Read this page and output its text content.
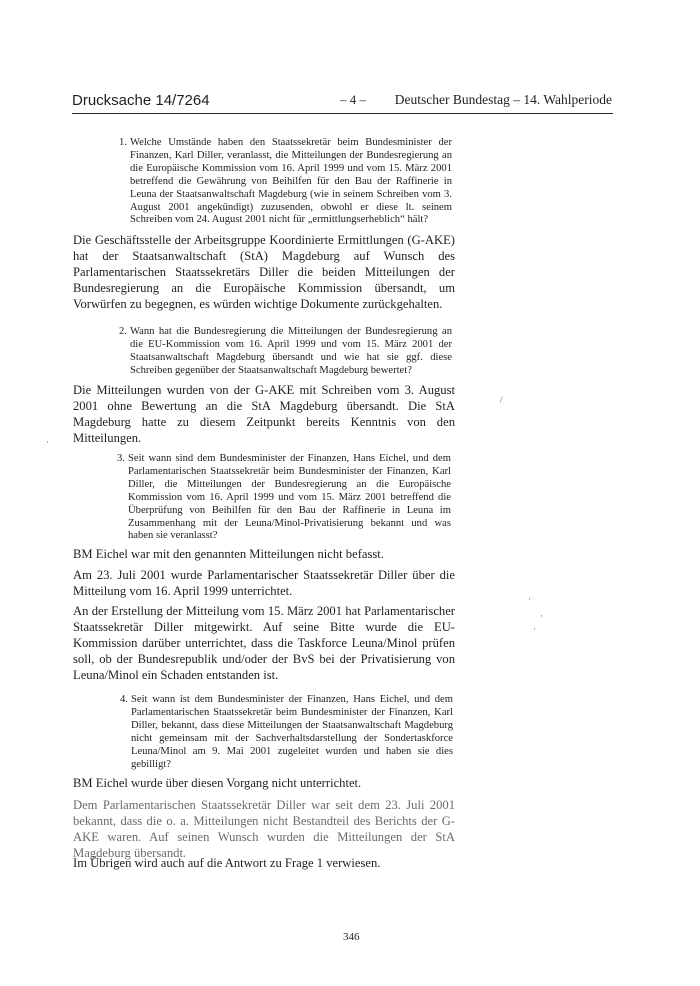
Drucksache 14/7264	– 4 – Deutscher Bundestag – 14. Wahlperiode
1. Welche Umstände haben den Staatssekretär beim Bundesminister der Finanzen, Karl Diller, veranlasst, die Mitteilungen der Bundesregierung an die Europäische Kommission vom 16. April 1999 und vom 15. März 2001 betreffend die Gewährung von Beihilfen für den Bau der Raffinerie in Leuna der Staatsanwaltschaft Magdeburg (wie in seinem Schreiben vom 3. August 2001 angekündigt) zuzusenden, obwohl er diese lt. seinem Schreiben vom 24. August 2001 nicht für „ermittlungserheblich“ hält?
Die Geschäftsstelle der Arbeitsgruppe Koordinierte Ermittlungen (G-AKE) hat der Staatsanwaltschaft (StA) Magdeburg auf Wunsch des Parlamentarischen Staatssekretärs Diller die beiden Mitteilungen der Bundesregierung an die Europäische Kommission übersandt, um Vorwürfen zu begegnen, es würden wichtige Dokumente zurückgehalten.
2. Wann hat die Bundesregierung die Mitteilungen der Bundesregierung an die EU-Kommission vom 16. April 1999 und vom 15. März 2001 der Staatsanwaltschaft Magdeburg übersandt und wie hat sie ggf. diese Schreiben gegenüber der Staatsanwaltschaft Magdeburg bewertet?
Die Mitteilungen wurden von der G-AKE mit Schreiben vom 3. August 2001 ohne Bewertung an die StA Magdeburg übersandt. Die StA Magdeburg hatte zu diesem Zeitpunkt bereits Kenntnis von den Mitteilungen.
3. Seit wann sind dem Bundesminister der Finanzen, Hans Eichel, und dem Parlamentarischen Staatssekretär beim Bundesminister der Finanzen, Karl Diller, die Mitteilungen der Bundesregierung an die Europäische Kommission vom 16. April 1999 und vom 15. März 2001 betreffend die Überprüfung von Beihilfen für den Bau der Raffinerie in Leuna im Zusammenhang mit der Leuna/Minol-Privatisierung bekannt und was haben sie veranlasst?
BM Eichel war mit den genannten Mitteilungen nicht befasst.
Am 23. Juli 2001 wurde Parlamentarischer Staatssekretär Diller über die Mitteilung vom 16. April 1999 unterrichtet.
An der Erstellung der Mitteilung vom 15. März 2001 hat Parlamentarischer Staatssekretär Diller mitgewirkt. Auf seine Bitte wurde die EU-Kommission darüber unterrichtet, dass die Taskforce Leuna/Minol prüfen soll, ob der Bundesrepublik und/oder der BvS bei der Privatisierung von Leuna/Minol ein Schaden entstanden ist.
4. Seit wann ist dem Bundesminister der Finanzen, Hans Eichel, und dem Parlamentarischen Staatssekretär beim Bundesminister der Finanzen, Karl Diller, bekannt, dass diese Mitteilungen der Staatsanwaltschaft Magdeburg nicht gemeinsam mit der Sachverhaltsdarstellung der Sondertaskforce Leuna/Minol am 9. Mai 2001 zugeleitet wurden und haben sie dies gebilligt?
BM Eichel wurde über diesen Vorgang nicht unterrichtet.
Dem Parlamentarischen Staatssekretär Diller war seit dem 23. Juli 2001 bekannt, dass die o. a. Mitteilungen nicht Bestandteil des Berichts der G-AKE waren. Auf seinen Wunsch wurden die Mitteilungen der StA Magdeburg übersandt.
Im Übrigen wird auch auf die Antwort zu Frage 1 verwiesen.
346
·
/
·
·
·
